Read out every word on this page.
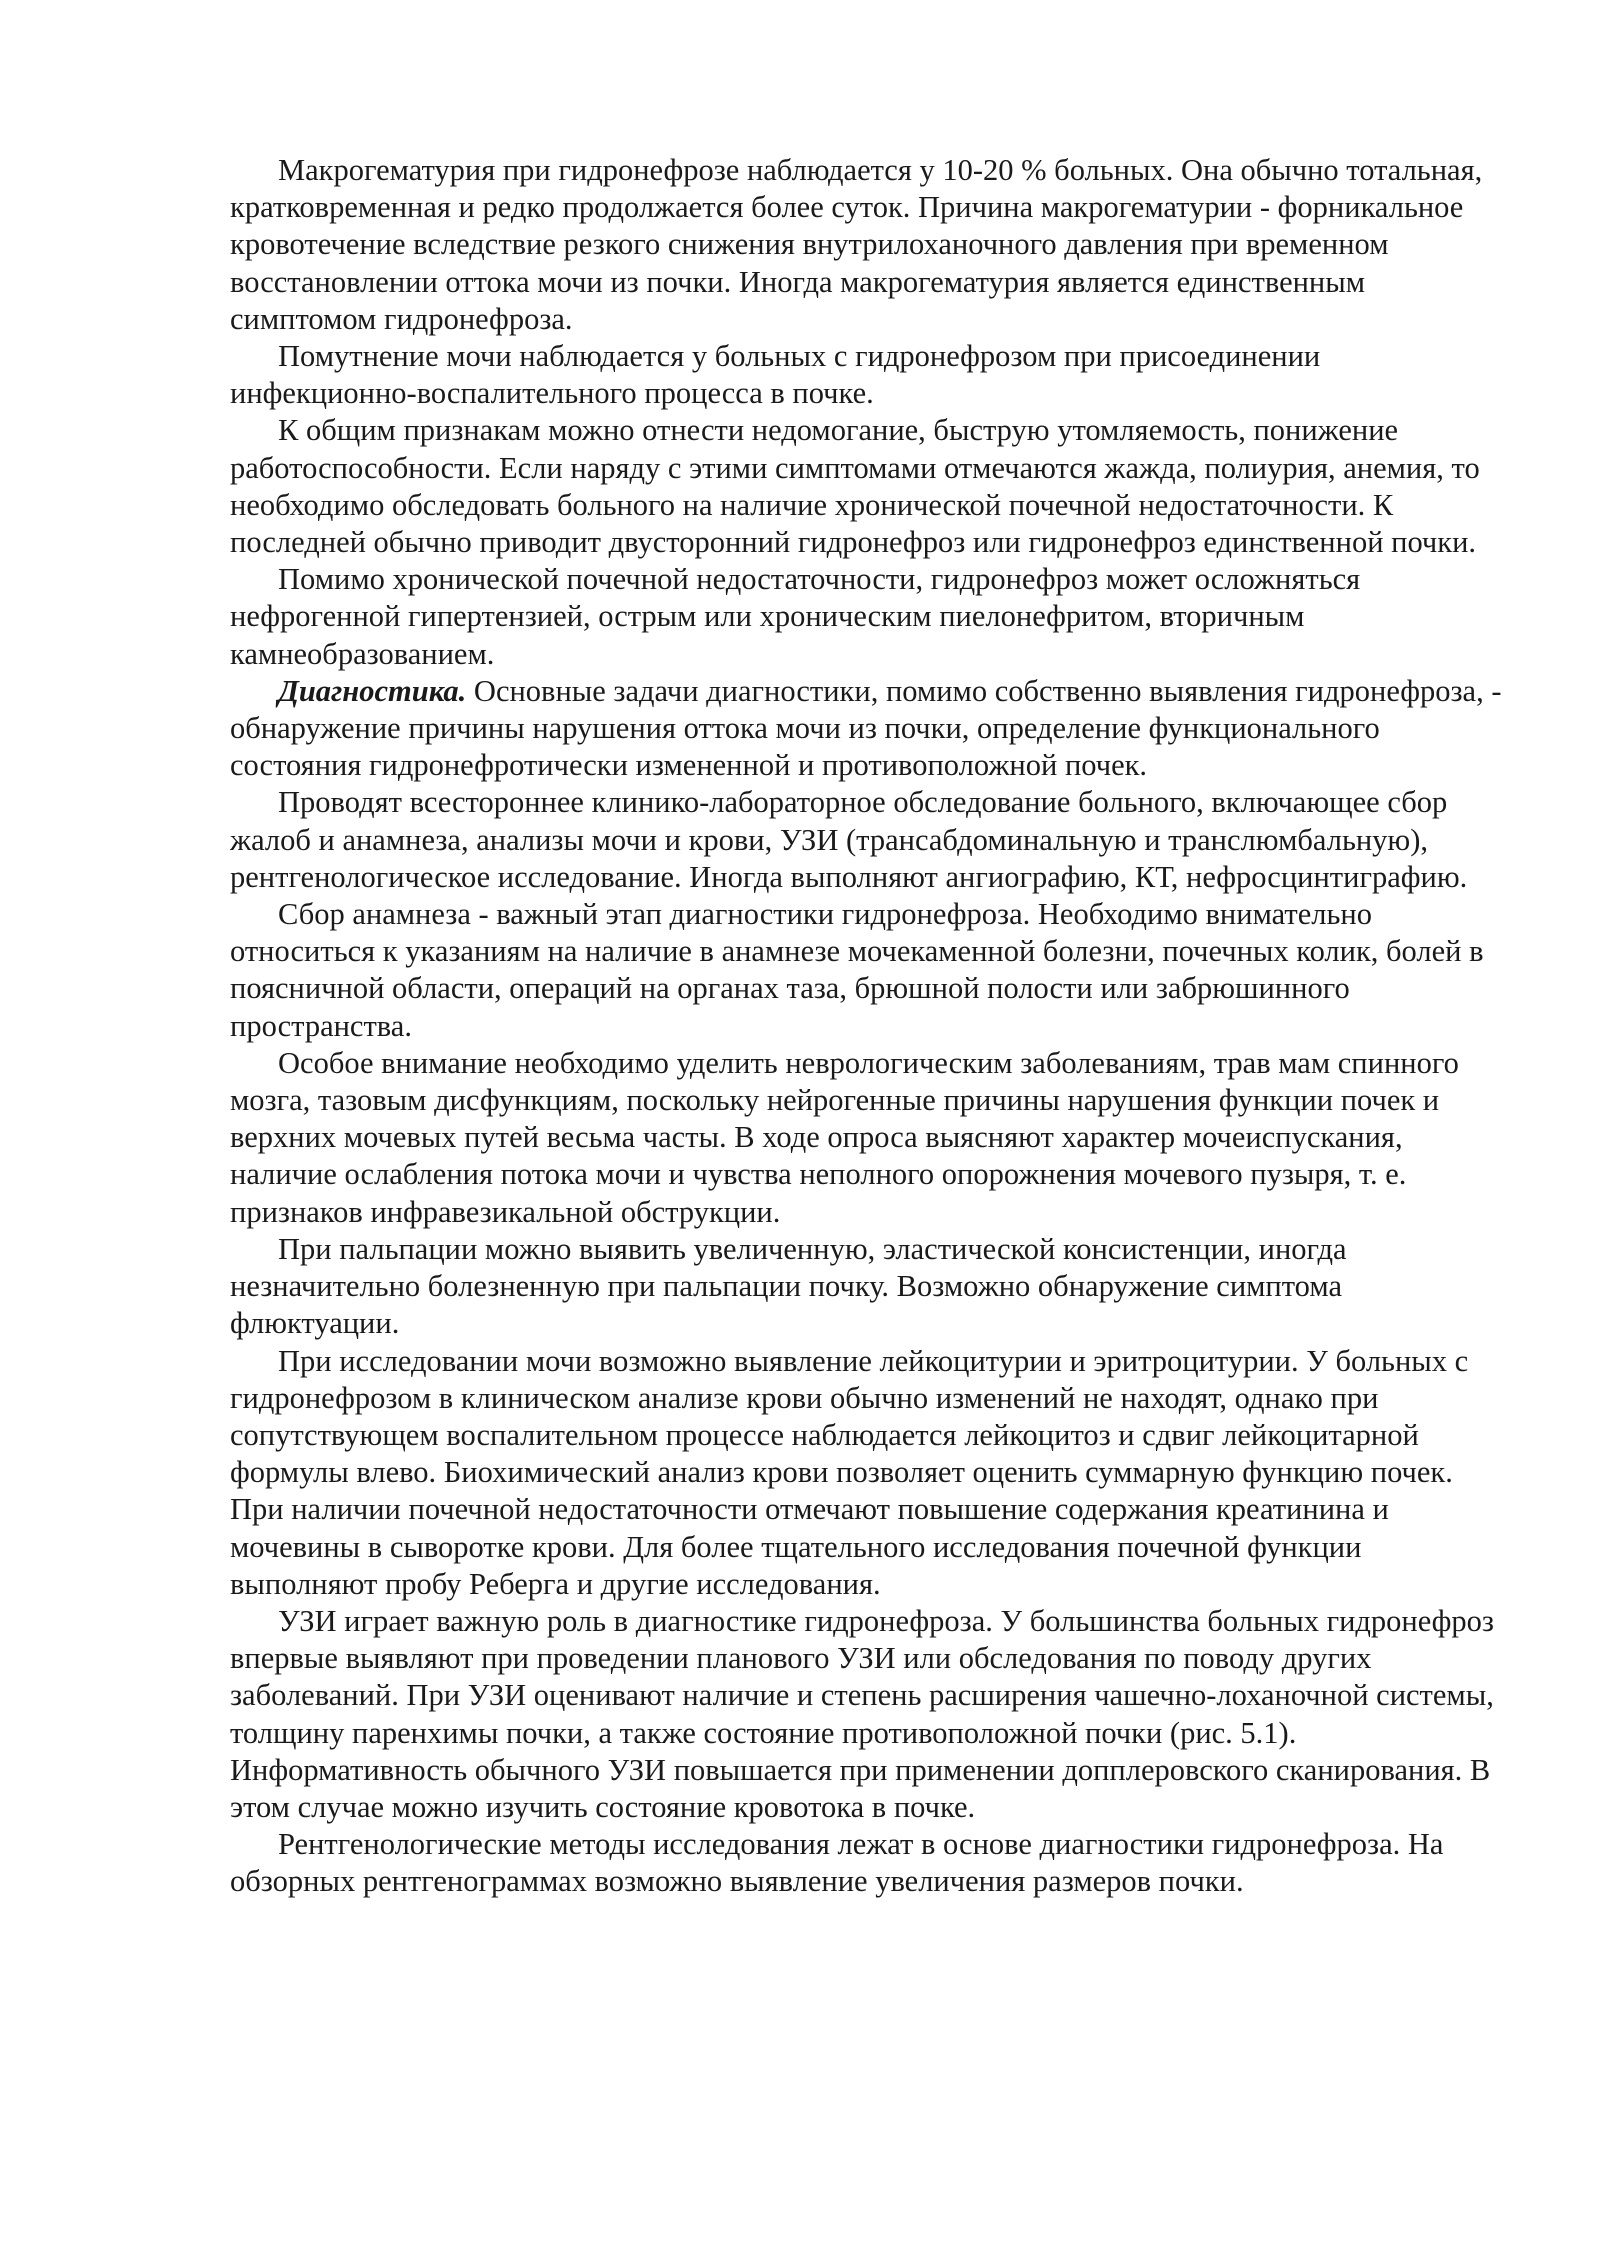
Макрогематурия при гидронефрозе наблюдается у 10-20 % больных. Она обычно тотальная, кратковременная и редко продолжается более суток. Причина макрогематурии - форникальное кровотечение вследствие резкого снижения внутрилоханочного давления при временном восстановлении оттока мочи из почки. Иногда макрогематурия является единственным симптомом гидронефроза.

Помутнение мочи наблюдается у больных с гидронефрозом при присоединении инфекционно-воспалительного процесса в почке.

К общим признакам можно отнести недомогание, быструю утомляемость, понижение работоспособности. Если наряду с этими симптомами отмечаются жажда, полиурия, анемия, то необходимо обследовать больного на наличие хронической почечной недостаточности. К последней обычно приводит двусторонний гидронефроз или гидронефроз единственной почки.

Помимо хронической почечной недостаточности, гидронефроз может осложняться нефрогенной гипертензией, острым или хроническим пиелонефритом, вторичным камнеобразованием.

Диагностика. Основные задачи диагностики, помимо собственно выявления гидронефроза, - обнаружение причины нарушения оттока мочи из почки, определение функционального состояния гидронефротически измененной и противоположной почек.

Проводят всестороннее клинико-лабораторное обследование больного, включающее сбор жалоб и анамнеза, анализы мочи и крови, УЗИ (трансабдоминальную и транслюмбальную), рентгенологическое исследование. Иногда выполняют ангиографию, КТ, нефросцинтиграфию.

Сбор анамнеза - важный этап диагностики гидронефроза. Необходимо внимательно относиться к указаниям на наличие в анамнезе мочекаменной болезни, почечных колик, болей в поясничной области, операций на органах таза, брюшной полости или забрюшинного пространства.

Особое внимание необходимо уделить неврологическим заболеваниям, трав мам спинного мозга, тазовым дисфункциям, поскольку нейрогенные причины нарушения функции почек и верхних мочевых путей весьма часты. В ходе опроса выясняют характер мочеиспускания, наличие ослабления потока мочи и чувства неполного опорожнения мочевого пузыря, т. е. признаков инфравезикальной обструкции.

При пальпации можно выявить увеличенную, эластической консистенции, иногда незначительно болезненную при пальпации почку. Возможно обнаружение симптома флюктуации.

При исследовании мочи возможно выявление лейкоцитурии и эритроцитурии. У больных с гидронефрозом в клиническом анализе крови обычно изменений не находят, однако при сопутствующем воспалительном процессе наблюдается лейкоцитоз и сдвиг лейкоцитарной формулы влево. Биохимический анализ крови позволяет оценить суммарную функцию почек. При наличии почечной недостаточности отмечают повышение содержания креатинина и мочевины в сыворотке крови. Для более тщательного исследования почечной функции выполняют пробу Реберга и другие исследования.

УЗИ играет важную роль в диагностике гидронефроза. У большинства больных гидронефроз впервые выявляют при проведении планового УЗИ или обследования по поводу других заболеваний. При УЗИ оценивают наличие и степень расширения чашечно-лоханочной системы, толщину паренхимы почки, а также состояние противоположной почки (рис. 5.1). Информативность обычного УЗИ повышается при применении допплеровского сканирования. В этом случае можно изучить состояние кровотока в почке.

Рентгенологические методы исследования лежат в основе диагностики гидронефроза. На обзорных рентгенограммах возможно выявление увеличения размеров почки.
